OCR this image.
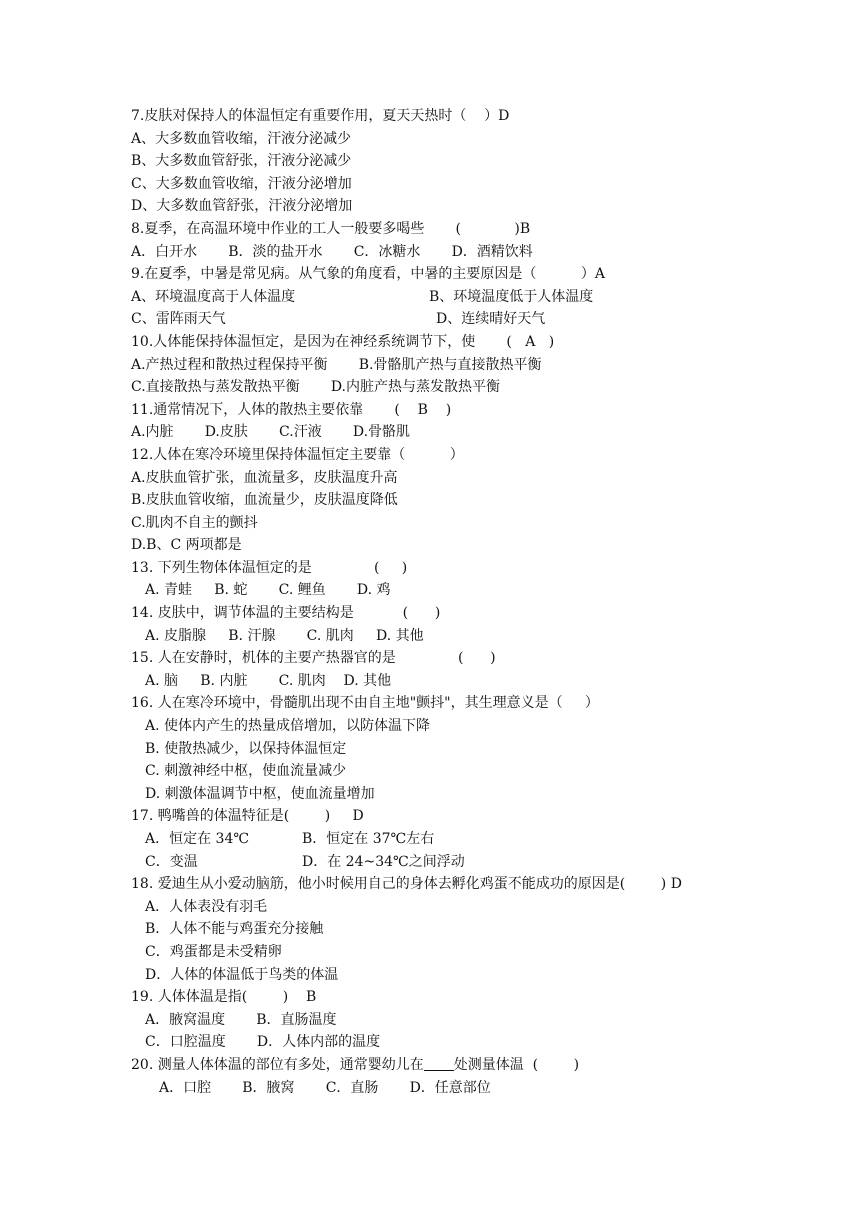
7.皮肤对保持人的体温恒定有重要作用，夏天天热时（    ）D
A、大多数血管收缩，汗液分泌减少
B、大多数血管舒张，汗液分泌减少
C、大多数血管收缩，汗液分泌增加
D、大多数血管舒张，汗液分泌增加
8.夏季，在高温环境中作业的工人一般要多喝些       (            )B
A．白开水       B．淡的盐开水       C．冰糖水       D．酒精饮料
9.在夏季，中暑是常见病。从气象的角度看，中暑的主要原因是（          ）A
A、环境温度高于人体温度	B、环境温度低于人体温度
C、雷阵雨天气	D、连续晴好天气
10.人体能保持体温恒定，是因为在神经系统调节下，使       (   A   )
A.产热过程和散热过程保持平衡       B.骨骼肌产热与直接散热平衡
C.直接散热与蒸发散热平衡       D.内脏产热与蒸发散热平衡
11.通常情况下，人体的散热主要依靠       (    B    )
A.内脏       D.皮肤       C.汗液       D.骨骼肌
12.人体在寒冷环境里保持体温恒定主要靠（          ）
A.皮肤血管扩张，血流量多，皮肤温度升高
B.皮肤血管收缩，血流量少，皮肤温度降低
C.肌肉不自主的颤抖
D.B、C 两项都是
13. 下列生物体体温恒定的是              (     )
A. 青蛙     B. 蛇       C. 鲤鱼       D. 鸡
14. 皮肤中，调节体温的主要结构是           (      )
A. 皮脂腺     B. 汗腺       C. 肌肉     D. 其他
15. 人在安静时，机体的主要产热器官的是              (      )
A. 脑     B. 内脏       C. 肌肉    D. 其他
16. 人在寒冷环境中，骨髓肌出现不由自主地"颤抖"，其生理意义是（     ）
A. 使体内产生的热量成倍增加，以防体温下降
B. 使散热减少，以保持体温恒定
C. 刺激神经中枢，使血流量减少
D. 刺激体温调节中枢，使血流量增加
17. 鸭嘴兽的体温特征是(        )     D
A．恒定在 34℃	B．恒定在 37℃左右
C．变温	D．在 24~34℃之间浮动
18. 爱迪生从小爱动脑筋，他小时候用自己的身体去孵化鸡蛋不能成功的原因是(        ) D
A．人体表没有羽毛
B．人体不能与鸡蛋充分接触
C．鸡蛋都是未受精卵
D．人体的体温低于鸟类的体温
19. 人体体温是指(        )    B
A．腋窝温度       B．直肠温度
C．口腔温度       D．人体内部的温度
20. 测量人体体温的部位有多处，通常婴幼儿在 处测量体温  (        )
A．口腔       B．腋窝       C．直肠       D．任意部位
